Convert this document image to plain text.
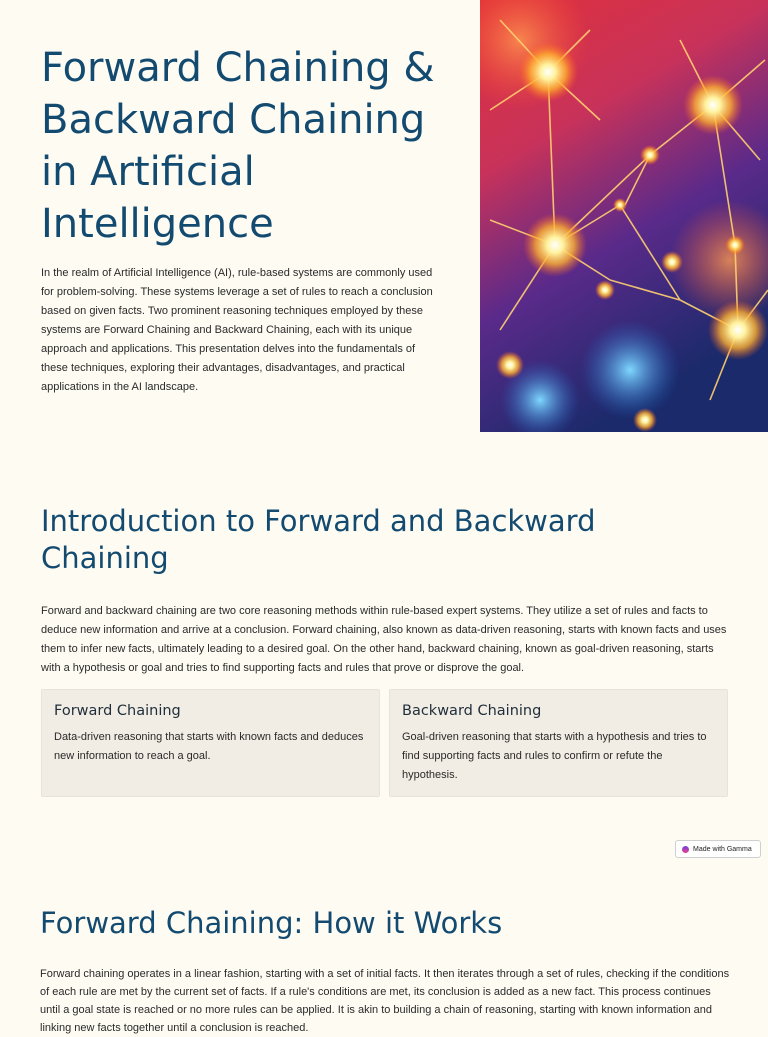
Forward Chaining & Backward Chaining in Artificial Intelligence

In the realm of Artificial Intelligence (AI), rule-based systems are commonly used for problem-solving. These systems leverage a set of rules to reach a conclusion based on given facts. Two prominent reasoning techniques employed by these systems are Forward Chaining and Backward Chaining, each with its unique approach and applications. This presentation delves into the fundamentals of these techniques, exploring their advantages, disadvantages, and practical applications in the AI landscape.

Introduction to Forward and Backward Chaining

Forward and backward chaining are two core reasoning methods within rule-based expert systems. They utilize a set of rules and facts to deduce new information and arrive at a conclusion. Forward chaining, also known as data-driven reasoning, starts with known facts and uses them to infer new facts, ultimately leading to a desired goal. On the other hand, backward chaining, known as goal-driven reasoning, starts with a hypothesis or goal and tries to find supporting facts and rules that prove or disprove the goal.

Forward Chaining

Data-driven reasoning that starts with known facts and deduces new information to reach a goal.

Backward Chaining

Goal-driven reasoning that starts with a hypothesis and tries to find supporting facts and rules to confirm or refute the hypothesis.

Made with Gamma
Forward Chaining: How it Works

Forward chaining operates in a linear fashion, starting with a set of initial facts. It then iterates through a set of rules, checking if the conditions of each rule are met by the current set of facts. If a rule's conditions are met, its conclusion is added as a new fact. This process continues until a goal state is reached or no more rules can be applied. It is akin to building a chain of reasoning, starting with known information and linking new facts together until a conclusion is reached.
